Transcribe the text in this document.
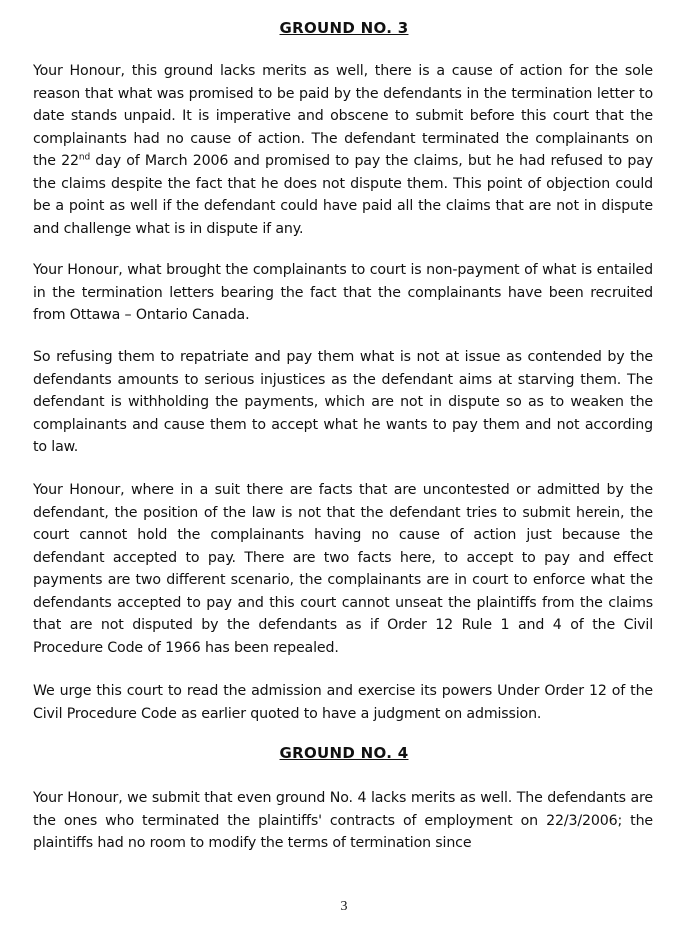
GROUND NO. 3

Your Honour, this ground lacks merits as well, there is a cause of action for the sole reason that what was promised to be paid by the defendants in the termination letter to date stands unpaid. It is imperative and obscene to submit before this court that the complainants had no cause of action. The defendant terminated the complainants on the 22nd day of March 2006 and promised to pay the claims, but he had refused to pay the claims despite the fact that he does not dispute them. This point of objection could be a point as well if the defendant could have paid all the claims that are not in dispute and challenge what is in dispute if any.

Your Honour, what brought the complainants to court is non-payment of what is entailed in the termination letters bearing the fact that the complainants have been recruited from Ottawa – Ontario Canada.

So refusing them to repatriate and pay them what is not at issue as contended by the defendants amounts to serious injustices as the defendant aims at starving them. The defendant is withholding the payments, which are not in dispute so as to weaken the complainants and cause them to accept what he wants to pay them and not according to law.

Your Honour, where in a suit there are facts that are uncontested or admitted by the defendant, the position of the law is not that the defendant tries to submit herein, the court cannot hold the complainants having no cause of action just because the defendant accepted to pay. There are two facts here, to accept to pay and effect payments are two different scenario, the complainants are in court to enforce what the defendants accepted to pay and this court cannot unseat the plaintiffs from the claims that are not disputed by the defendants as if Order 12 Rule 1 and 4 of the Civil Procedure Code of 1966 has been repealed.

We urge this court to read the admission and exercise its powers Under Order 12 of the Civil Procedure Code as earlier quoted to have a judgment on admission.

GROUND NO. 4

Your Honour, we submit that even ground No. 4 lacks merits as well. The defendants are the ones who terminated the plaintiffs' contracts of employment on 22/3/2006; the plaintiffs had no room to modify the terms of termination since

3
